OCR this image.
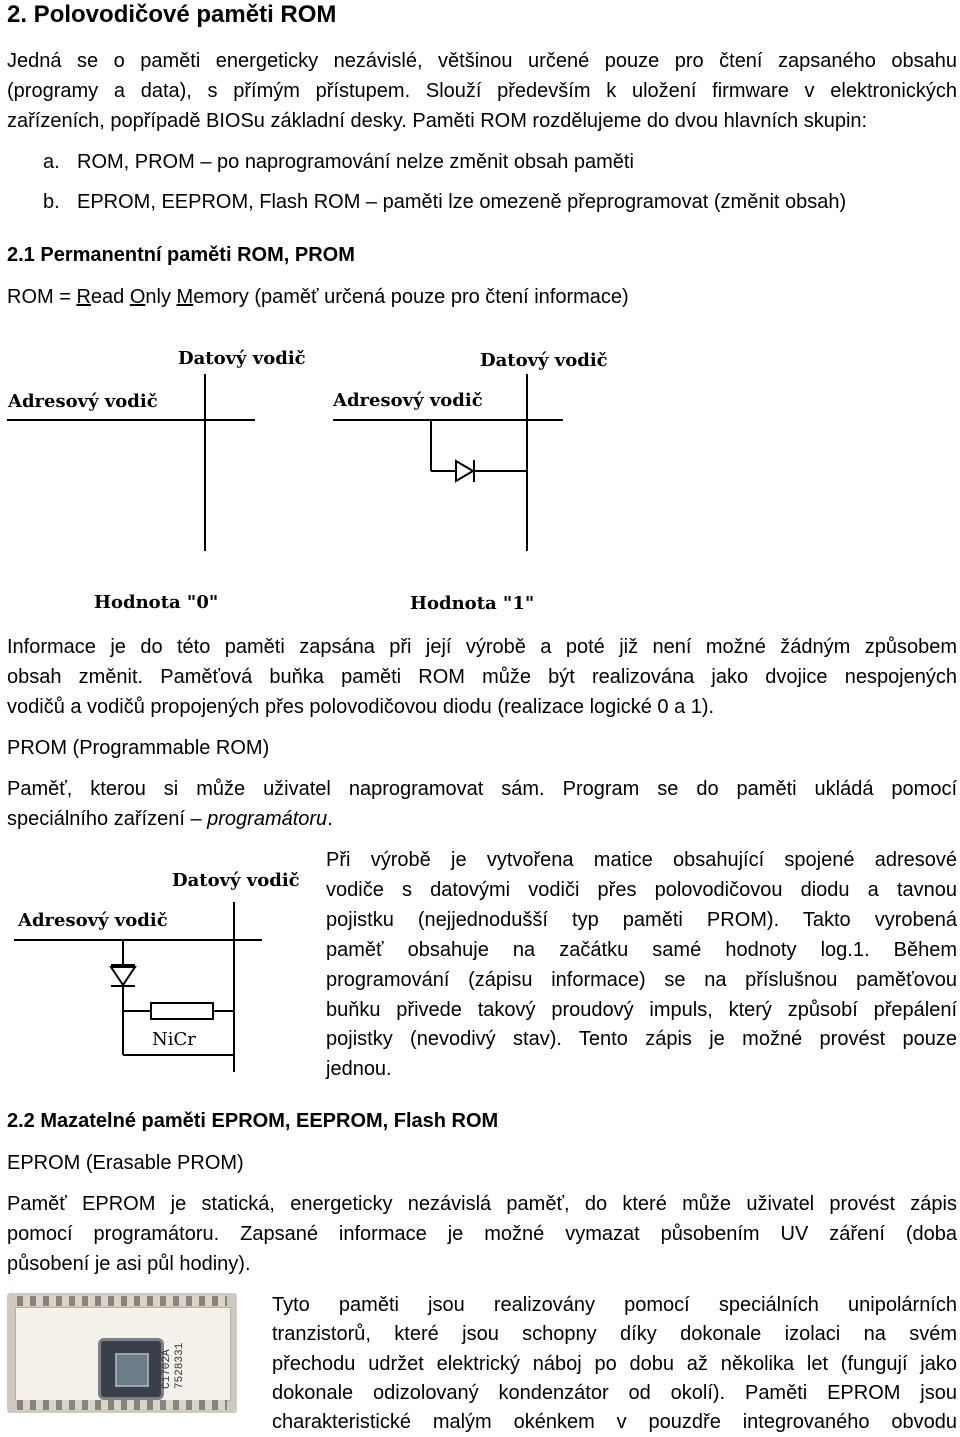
2. Polovodičové paměti ROM
Jedná se o paměti energeticky nezávislé, většinou určené pouze pro čtení zapsaného obsahu
(programy a data), s přímým přístupem. Slouží především k uložení firmware v elektronických
zařízeních, popřípadě BIOSu základní desky. Paměti ROM rozdělujeme do dvou hlavních skupin:
a. ROM, PROM – po naprogramování nelze změnit obsah paměti
b. EPROM, EEPROM, Flash ROM – paměti lze omezeně přeprogramovat (změnit obsah)
2.1 Permanentní paměti ROM, PROM
ROM = Read Only Memory (paměť určená pouze pro čtení informace)
Datový vodič
Adresový vodič
Datový vodič
Adresový vodič
Hodnota "0"	Hodnota "1"
Informace je do této paměti zapsána při její výrobě a poté již není možné žádným způsobem
obsah změnit. Paměťová buňka paměti ROM může být realizována jako dvojice nespojených
vodičů a vodičů propojených přes polovodičovou diodu (realizace logické 0 a 1).
PROM (Programmable ROM)
Paměť, kterou si může uživatel naprogramovat sám. Program se do paměti ukládá pomocí
speciálního zařízení – programátoru.
Datový vodič
Adresový vodič
NiCr
Při výrobě je vytvořena matice obsahující spojené adresové
vodiče s datovými vodiči přes polovodičovou diodu a tavnou
pojistku (nejjednodušší typ paměti PROM). Takto vyrobená
paměť obsahuje na začátku samé hodnoty log.1. Během
programování (zápisu informace) se na příslušnou paměťovou
buňku přivede takový proudový impuls, který způsobí přepálení
pojistky (nevodivý stav). Tento zápis je možné provést pouze
jednou.
2.2 Mazatelné paměti EPROM, EEPROM, Flash ROM
EPROM (Erasable PROM)
Paměť EPROM je statická, energeticky nezávislá paměť, do které může uživatel provést zápis
pomocí programátoru. Zapsané informace je možné vymazat působením UV záření (doba
působení je asi půl hodiny).
C1702A 7528331
Tyto paměti jsou realizovány pomocí speciálních unipolárních
tranzistorů, které jsou schopny díky dokonale izolaci na svém
přechodu udržet elektrický náboj po dobu až několika let (fungují jako
dokonale odizolovaný kondenzátor od okolí). Paměti EPROM jsou
charakteristické malým okénkem v pouzdře integrovaného obvodu
